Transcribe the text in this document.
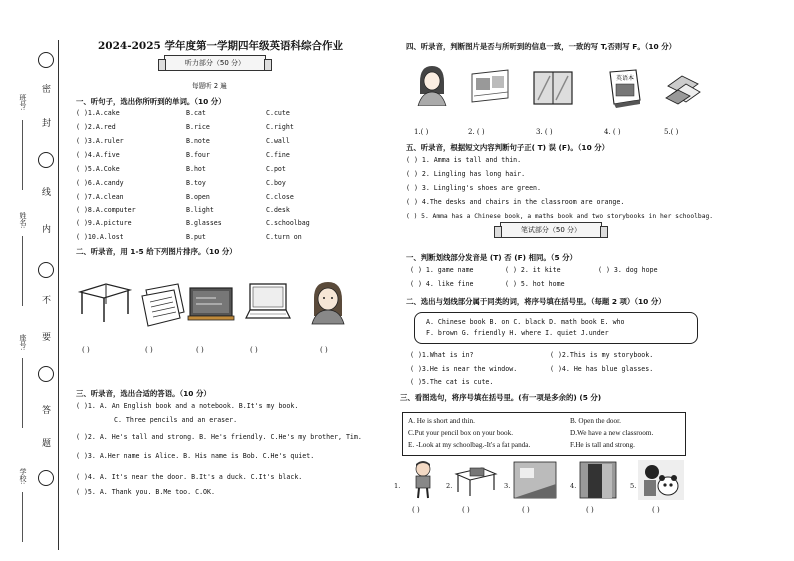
密
封
线
内
不
要
答
题
班号:
姓名:
座号:
学校:
2024-2025 学年度第一学期四年级英语科综合作业
听力部分（50 分）
每题听 2 遍
一、听句子，选出你所听到的单词。（10 分）
( )1.A.cake	B.cat	C.cute
( )2.A.red	B.rice	C.right
( )3.A.ruler	B.note	C.wall
( )4.A.five	B.four	C.fine
( )5.A.Coke	B.hot	C.pot
( )6.A.candy	B.toy	C.boy
( )7.A.clean	B.open	C.close
( )8.A.computer	B.light	C.desk
( )9.A.picture	B.glasses	C.schoolbag
( )10.A.lost	B.put	C.turn on
二、听录音，用 1-5 给下列图片排序。（10 分）
( )	( )	( )	( )	( )
三、听录音，选出合适的答语。（10 分）
( )1. A. An English book and a notebook. B.It's my book.
C. Three pencils and an eraser.
( )2. A. He's tall and strong. B. He's friendly. C.He's my brother, Tim.
( )3. A.Her name is Alice. B. His name is Bob. C.He's quiet.
( )4. A. It's near the door. B.It's a duck. C.It's black.
( )5. A. Thank you. B.Me too. C.OK.
四、听录音，判断图片是否与所听到的信息一致，一致的写 T,否则写 F。（10 分）
英语本
1.( )	2. ( )	3. ( )	4. ( )	5.( )
五、听录音，根据短文内容判断句子正( T) 误 (F)。（10 分）
( ) 1. Amma is tall and thin.
( ) 2. Lingling has long hair.
( ) 3. Lingling's shoes are green.
( ) 4.The desks and chairs in the classroom are orange.
( ) 5. Amma has a Chinese book, a maths book and two storybooks in her schoolbag.
笔试部分（50 分）
一、判断划线部分发音是 (T) 否 (F) 相同。（5 分）
( ) 1. game name	( ) 2. it kite	( ) 3. dog hope
( ) 4. like fine	( ) 5. hot home
二、选出与划线部分属于同类的词，将序号填在括号里。（每题 2 项）（10 分）
A. Chinese book B. on C. black D. math book E. who
F. brown G. friendly H. where I. quiet J.under
( )1.What is in?	( )2.This is my storybook.
( )3.He is near the window.	( )4. He has blue glasses.
( )5.The cat is cute.
三、看图选句，将序号填在括号里。(有一项是多余的) (5 分)
A. He is short and thin.	B. Open the door.
C.Put your pencil box on your book.	D.We have a new classroom.
E. -Look at my schoolbag.-It's a fat panda.	F.He is tall and strong.
1.	2.	3.	4.	5.
( )	( )	( )	( )	( )
